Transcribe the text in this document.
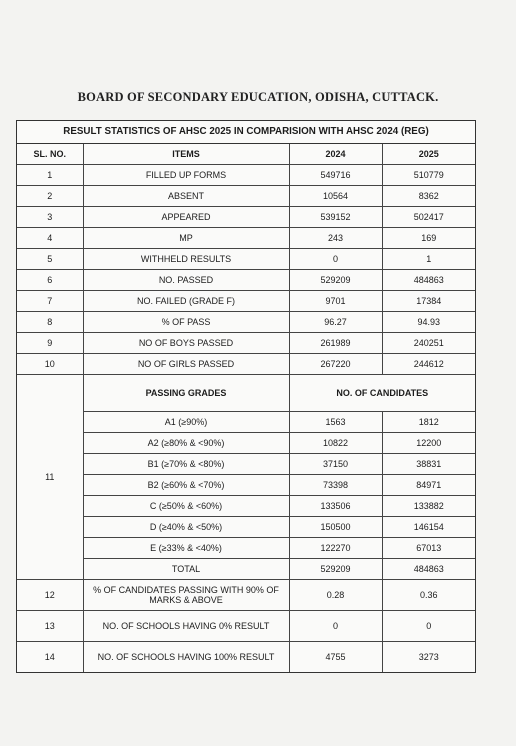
BOARD OF SECONDARY EDUCATION, ODISHA, CUTTACK.
RESULT STATISTICS OF AHSC 2025 IN COMPARISION WITH AHSC 2024 (REG)
SL. NO.	ITEMS	2024	2025
1	FILLED UP FORMS	549716	510779
2	ABSENT	10564	8362
3	APPEARED	539152	502417
4	MP	243	169
5	WITHHELD RESULTS	0	1
6	NO. PASSED	529209	484863
7	NO. FAILED (GRADE F)	9701	17384
8	% OF PASS	96.27	94.93
9	NO OF BOYS PASSED	261989	240251
10	NO OF GIRLS PASSED	267220	244612
11	PASSING GRADES	NO. OF CANDIDATES	
	A1 (≥90%)	1563	1812
	A2 (≥80% & <90%)	10822	12200
	B1 (≥70% & <80%)	37150	38831
	B2 (≥60% & <70%)	73398	84971
	C (≥50% & <60%)	133506	133882
	D (≥40% & <50%)	150500	146154
	E (≥33% & <40%)	122270	67013
	TOTAL	529209	484863
12	% OF CANDIDATES PASSING WITH 90% OF MARKS & ABOVE	0.28	0.36
13	NO. OF SCHOOLS HAVING 0% RESULT	0	0
14	NO. OF SCHOOLS HAVING 100% RESULT	4755	3273
